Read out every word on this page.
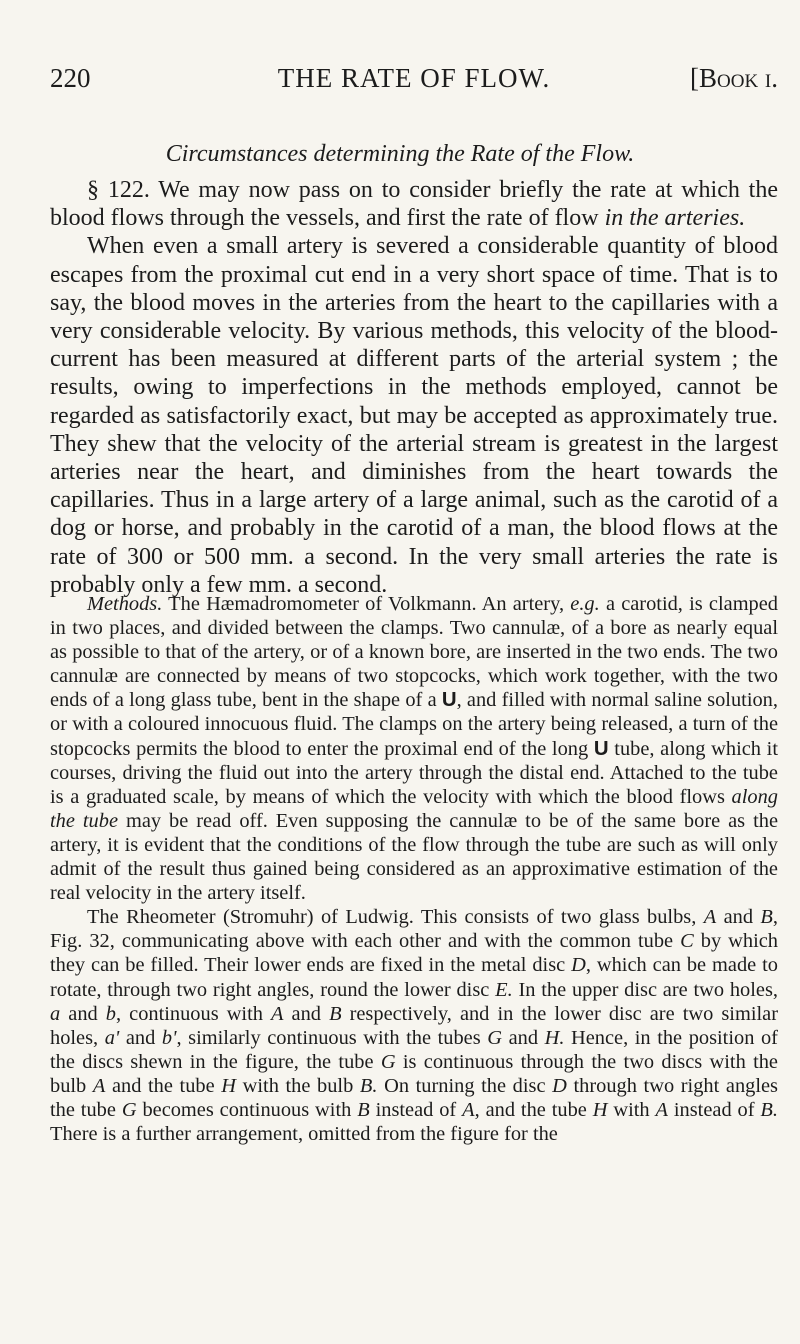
220	THE RATE OF FLOW.	[Book i.
Circumstances determining the Rate of the Flow.

§ 122. We may now pass on to consider briefly the rate at which the blood flows through the vessels, and first the rate of flow in the arteries.

When even a small artery is severed a considerable quantity of blood escapes from the proximal cut end in a very short space of time. That is to say, the blood moves in the arteries from the heart to the capillaries with a very considerable velocity. By various methods, this velocity of the blood-current has been measured at different parts of the arterial system ; the results, owing to imperfections in the methods employed, cannot be regarded as satisfactorily exact, but may be accepted as approximately true. They shew that the velocity of the arterial stream is greatest in the largest arteries near the heart, and diminishes from the heart towards the capillaries. Thus in a large artery of a large animal, such as the carotid of a dog or horse, and probably in the carotid of a man, the blood flows at the rate of 300 or 500 mm. a second. In the very small arteries the rate is probably only a few mm. a second.

Methods. The Hæmadromometer of Volkmann. An artery, e.g. a carotid, is clamped in two places, and divided between the clamps. Two cannulæ, of a bore as nearly equal as possible to that of the artery, or of a known bore, are inserted in the two ends. The two cannulæ are connected by means of two stopcocks, which work together, with the two ends of a long glass tube, bent in the shape of a U, and filled with normal saline solution, or with a coloured innocuous fluid. The clamps on the artery being released, a turn of the stopcocks permits the blood to enter the proximal end of the long U tube, along which it courses, driving the fluid out into the artery through the distal end. Attached to the tube is a graduated scale, by means of which the velocity with which the blood flows along the tube may be read off. Even supposing the cannulæ to be of the same bore as the artery, it is evident that the conditions of the flow through the tube are such as will only admit of the result thus gained being considered as an approximative estimation of the real velocity in the artery itself.

The Rheometer (Stromuhr) of Ludwig. This consists of two glass bulbs, A and B, Fig. 32, communicating above with each other and with the common tube C by which they can be filled. Their lower ends are fixed in the metal disc D, which can be made to rotate, through two right angles, round the lower disc E. In the upper disc are two holes, a and b, continuous with A and B respectively, and in the lower disc are two similar holes, a' and b', similarly continuous with the tubes G and H. Hence, in the position of the discs shewn in the figure, the tube G is continuous through the two discs with the bulb A and the tube H with the bulb B. On turning the disc D through two right angles the tube G becomes continuous with B instead of A, and the tube H with A instead of B. There is a further arrangement, omitted from the figure for the
